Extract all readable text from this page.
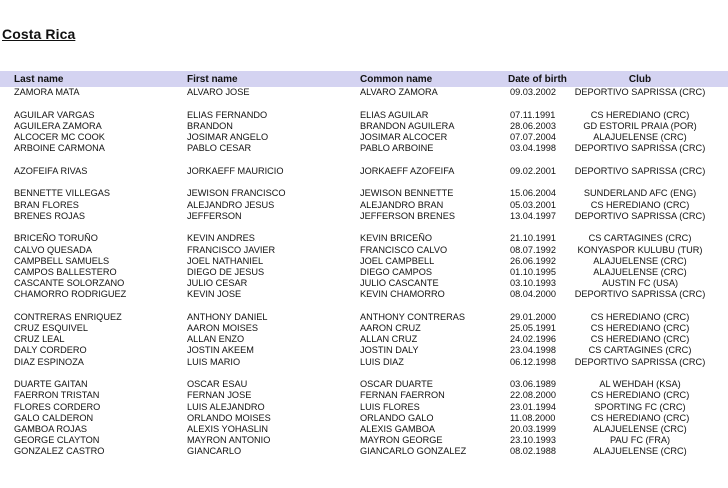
Costa Rica
Last name	First name	Common name	Date of birth	Club
ZAMORA MATA	ALVARO JOSE	ALVARO ZAMORA	09.03.2002	DEPORTIVO SAPRISSA (CRC)
AGUILAR VARGAS	ELIAS FERNANDO	ELIAS AGUILAR	07.11.1991	CS HEREDIANO (CRC)
AGUILERA ZAMORA	BRANDON	BRANDON AGUILERA	28.06.2003	GD ESTORIL PRAIA (POR)
ALCOCER MC COOK	JOSIMAR ANGELO	JOSIMAR ALCOCER	07.07.2004	ALAJUELENSE (CRC)
ARBOINE CARMONA	PABLO CESAR	PABLO ARBOINE	03.04.1998	DEPORTIVO SAPRISSA (CRC)
AZOFEIFA RIVAS	JORKAEFF MAURICIO	JORKAEFF AZOFEIFA	09.02.2001	DEPORTIVO SAPRISSA (CRC)
BENNETTE VILLEGAS	JEWISON FRANCISCO	JEWISON BENNETTE	15.06.2004	SUNDERLAND AFC (ENG)
BRAN FLORES	ALEJANDRO JESUS	ALEJANDRO BRAN	05.03.2001	CS HEREDIANO (CRC)
BRENES ROJAS	JEFFERSON	JEFFERSON BRENES	13.04.1997	DEPORTIVO SAPRISSA (CRC)
BRICEÑO TORUÑO	KEVIN ANDRES	KEVIN BRICEÑO	21.10.1991	CS CARTAGINES (CRC)
CALVO QUESADA	FRANCISCO JAVIER	FRANCISCO CALVO	08.07.1992	KONYASPOR KULUBU (TUR)
CAMPBELL SAMUELS	JOEL NATHANIEL	JOEL CAMPBELL	26.06.1992	ALAJUELENSE (CRC)
CAMPOS BALLESTERO	DIEGO DE JESUS	DIEGO CAMPOS	01.10.1995	ALAJUELENSE (CRC)
CASCANTE SOLORZANO	JULIO CESAR	JULIO CASCANTE	03.10.1993	AUSTIN FC (USA)
CHAMORRO RODRIGUEZ	KEVIN JOSE	KEVIN CHAMORRO	08.04.2000	DEPORTIVO SAPRISSA (CRC)
CONTRERAS ENRIQUEZ	ANTHONY DANIEL	ANTHONY CONTRERAS	29.01.2000	CS HEREDIANO (CRC)
CRUZ ESQUIVEL	AARON MOISES	AARON CRUZ	25.05.1991	CS HEREDIANO (CRC)
CRUZ LEAL	ALLAN ENZO	ALLAN CRUZ	24.02.1996	CS HEREDIANO (CRC)
DALY CORDERO	JOSTIN AKEEM	JOSTIN DALY	23.04.1998	CS CARTAGINES (CRC)
DIAZ ESPINOZA	LUIS MARIO	LUIS DIAZ	06.12.1998	DEPORTIVO SAPRISSA (CRC)
DUARTE GAITAN	OSCAR ESAU	OSCAR DUARTE	03.06.1989	AL WEHDAH (KSA)
FAERRON TRISTAN	FERNAN JOSE	FERNAN FAERRON	22.08.2000	CS HEREDIANO (CRC)
FLORES CORDERO	LUIS ALEJANDRO	LUIS FLORES	23.01.1994	SPORTING FC (CRC)
GALO CALDERON	ORLANDO MOISES	ORLANDO GALO	11.08.2000	CS HEREDIANO (CRC)
GAMBOA ROJAS	ALEXIS YOHASLIN	ALEXIS GAMBOA	20.03.1999	ALAJUELENSE (CRC)
GEORGE CLAYTON	MAYRON ANTONIO	MAYRON GEORGE	23.10.1993	PAU FC (FRA)
GONZALEZ CASTRO	GIANCARLO	GIANCARLO GONZALEZ	08.02.1988	ALAJUELENSE (CRC)
